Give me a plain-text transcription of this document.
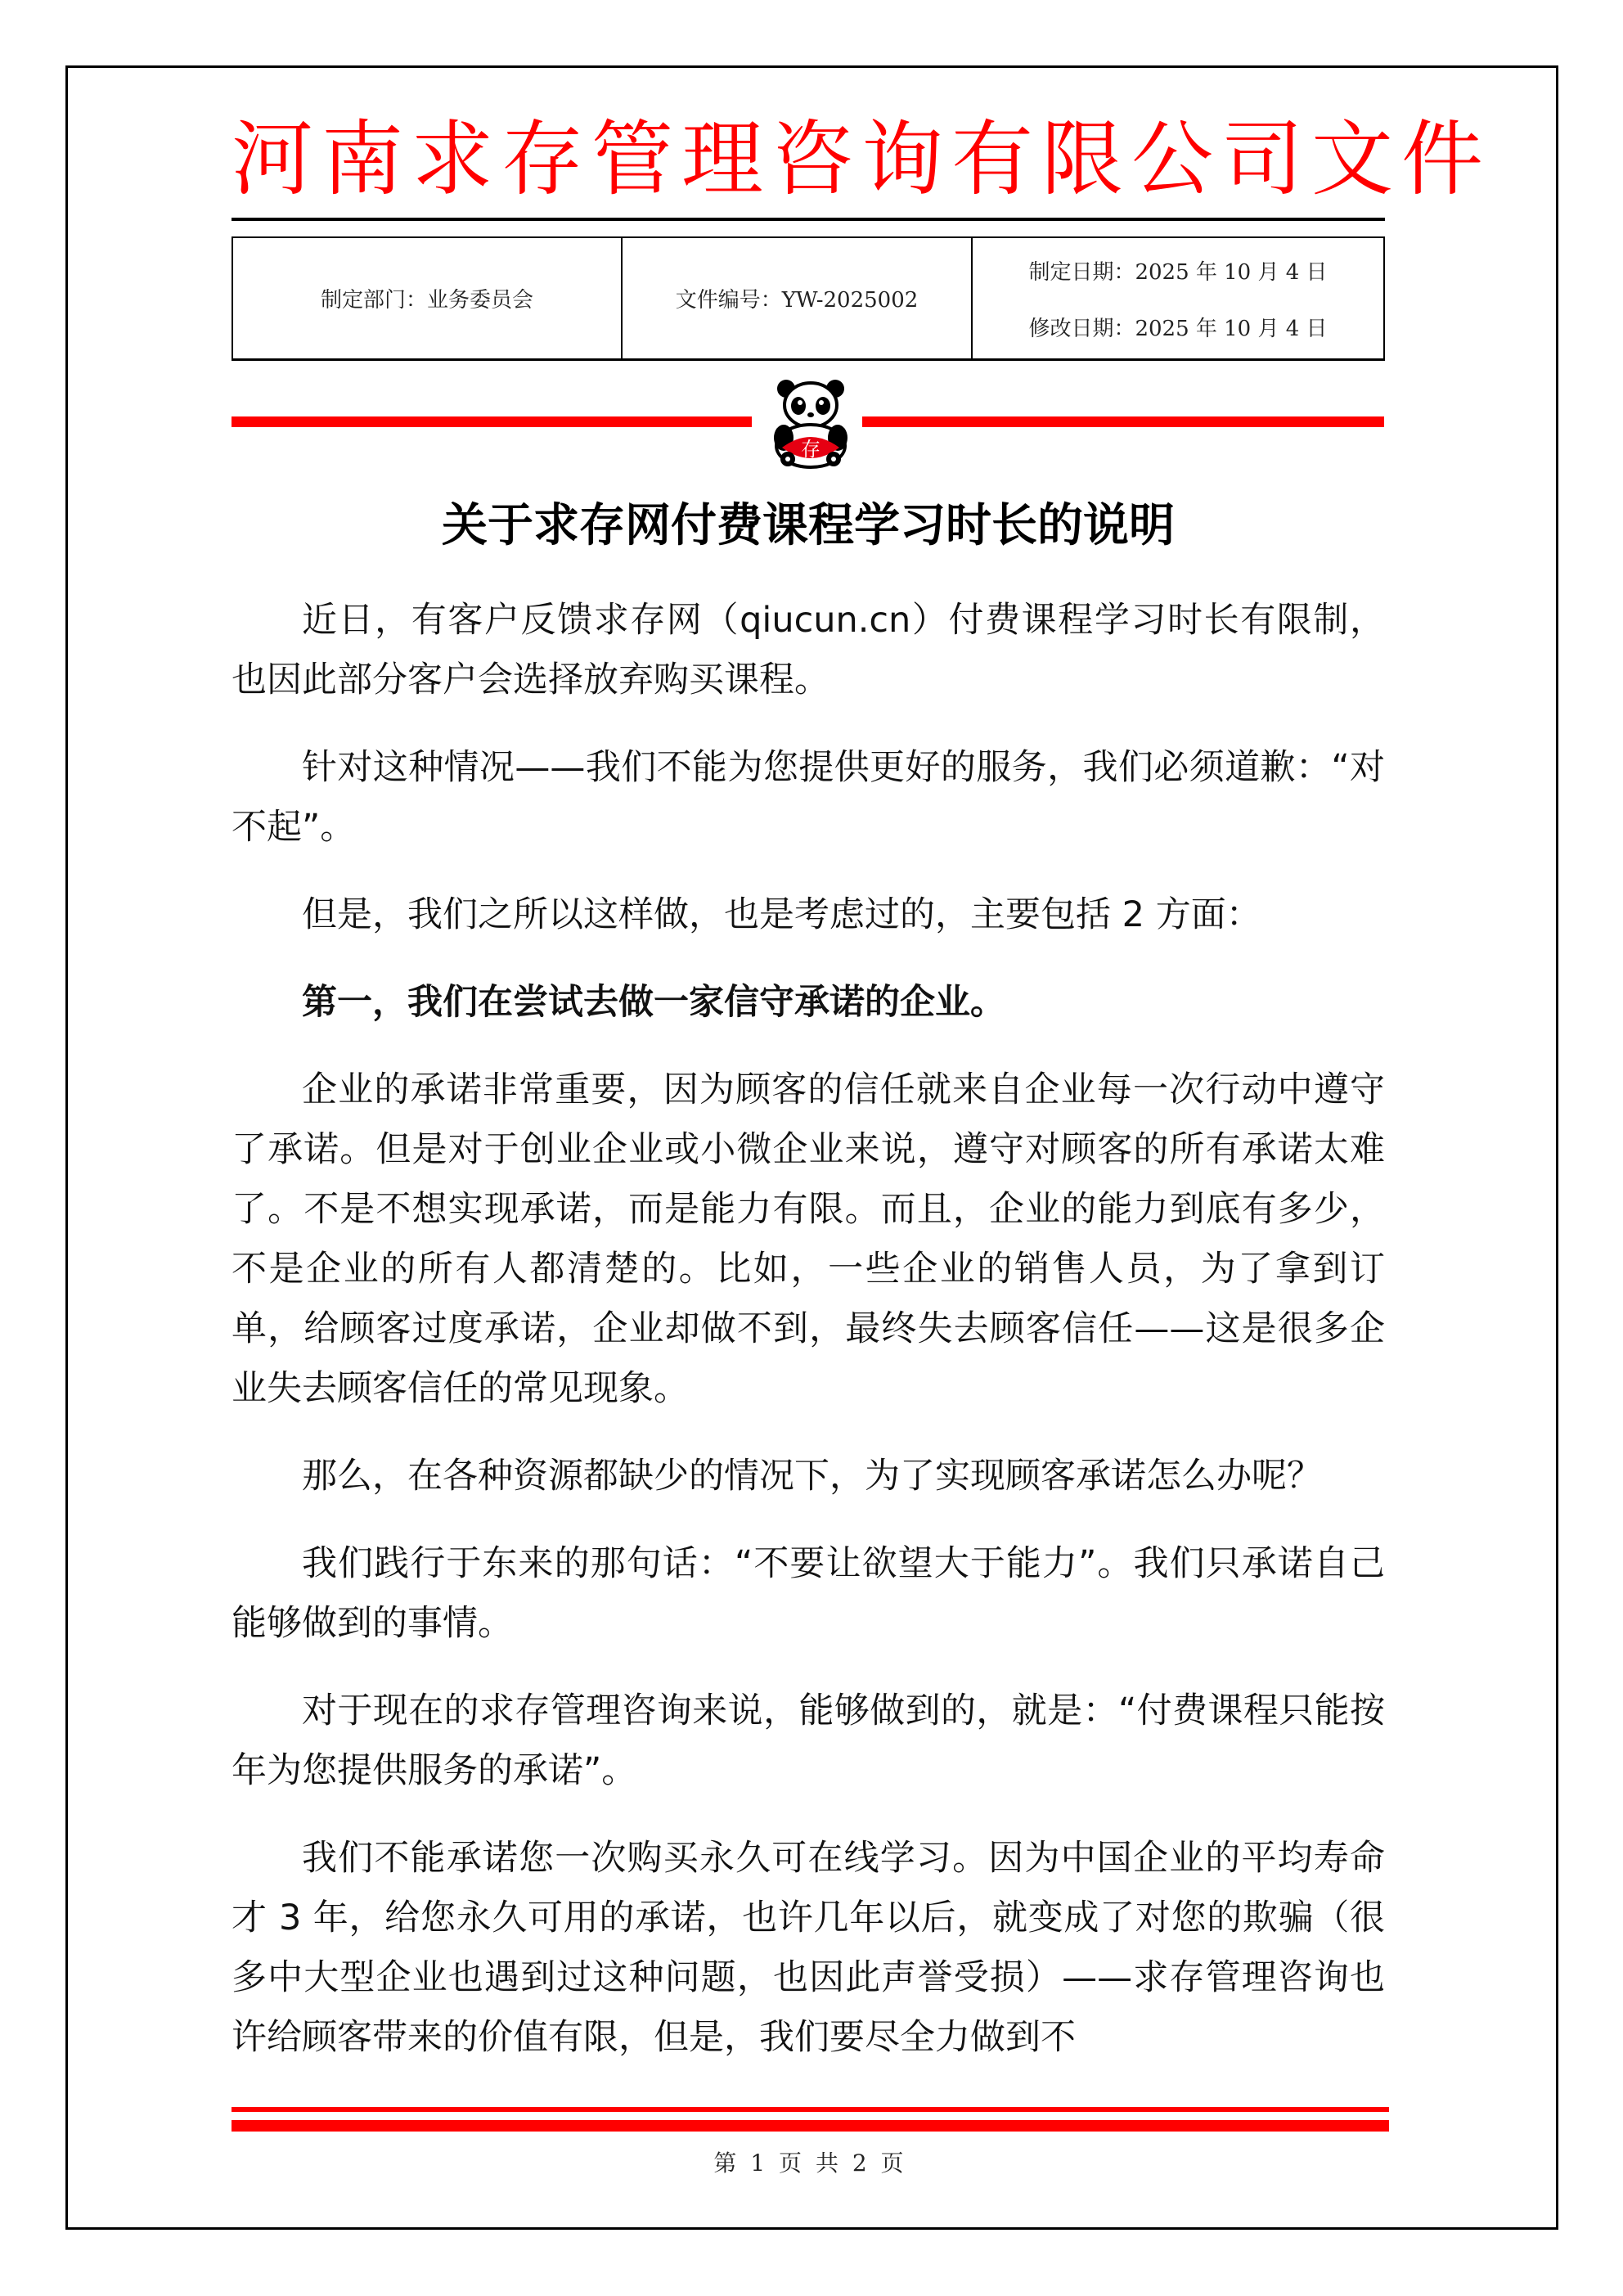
河南求存管理咨询有限公司文件
制定部门：业务委员会	文件编号：YW-2025002
制定日期：2025 年 10 月 4 日
修改日期：2025 年 10 月 4 日
存
关于求存网付费课程学习时长的说明

近日，有客户反馈求存网（qiucun.cn）付费课程学习时长有限制，也因此部分客户会选择放弃购买课程。

针对这种情况——我们不能为您提供更好的服务，我们必须道歉：“对不起”。

但是，我们之所以这样做，也是考虑过的，主要包括 2 方面：

第一，我们在尝试去做一家信守承诺的企业。

企业的承诺非常重要，因为顾客的信任就来自企业每一次行动中遵守了承诺。但是对于创业企业或小微企业来说，遵守对顾客的所有承诺太难了。不是不想实现承诺，而是能力有限。而且，企业的能力到底有多少，不是企业的所有人都清楚的。比如，一些企业的销售人员，为了拿到订单，给顾客过度承诺，企业却做不到，最终失去顾客信任——这是很多企业失去顾客信任的常见现象。

那么，在各种资源都缺少的情况下，为了实现顾客承诺怎么办呢？

我们践行于东来的那句话：“不要让欲望大于能力”。我们只承诺自己能够做到的事情。

对于现在的求存管理咨询来说，能够做到的，就是：“付费课程只能按年为您提供服务的承诺”。

我们不能承诺您一次购买永久可在线学习。因为中国企业的平均寿命才 3 年，给您永久可用的承诺，也许几年以后，就变成了对您的欺骗（很多中大型企业也遇到过这种问题，也因此声誉受损）——求存管理咨询也许给顾客带来的价值有限，但是，我们要尽全力做到不

第 1 页 共 2 页
